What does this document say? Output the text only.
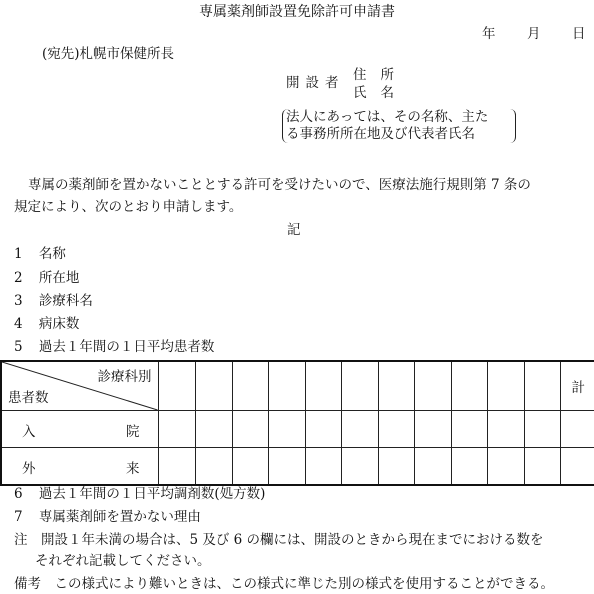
専属薬剤師設置免除許可申請書
年 月 日
(宛先)札幌市保健所長
開設者 住所
氏名
法人にあっては、その名称、主た
る事務所所在地及び代表者氏名
専属の薬剤師を置かないこととする許可を受けたいので、医療法施行規則第 7 条の
規定により、次のとおり申請します。
記
1 名称
2 所在地
3 診療科名
4 病床数
5 過去１年間の１日平均患者数
診療科別
患者数												計

入 院												

外 来												

6 過去１年間の１日平均調剤数(処方数)
7 専属薬剤師を置かない理由
注　開設１年未満の場合は、5 及び 6 の欄には、開設のときから現在までにおける数を
それぞれ記載してください。
備考　この様式により難いときは、この様式に準じた別の様式を使用することができる。
